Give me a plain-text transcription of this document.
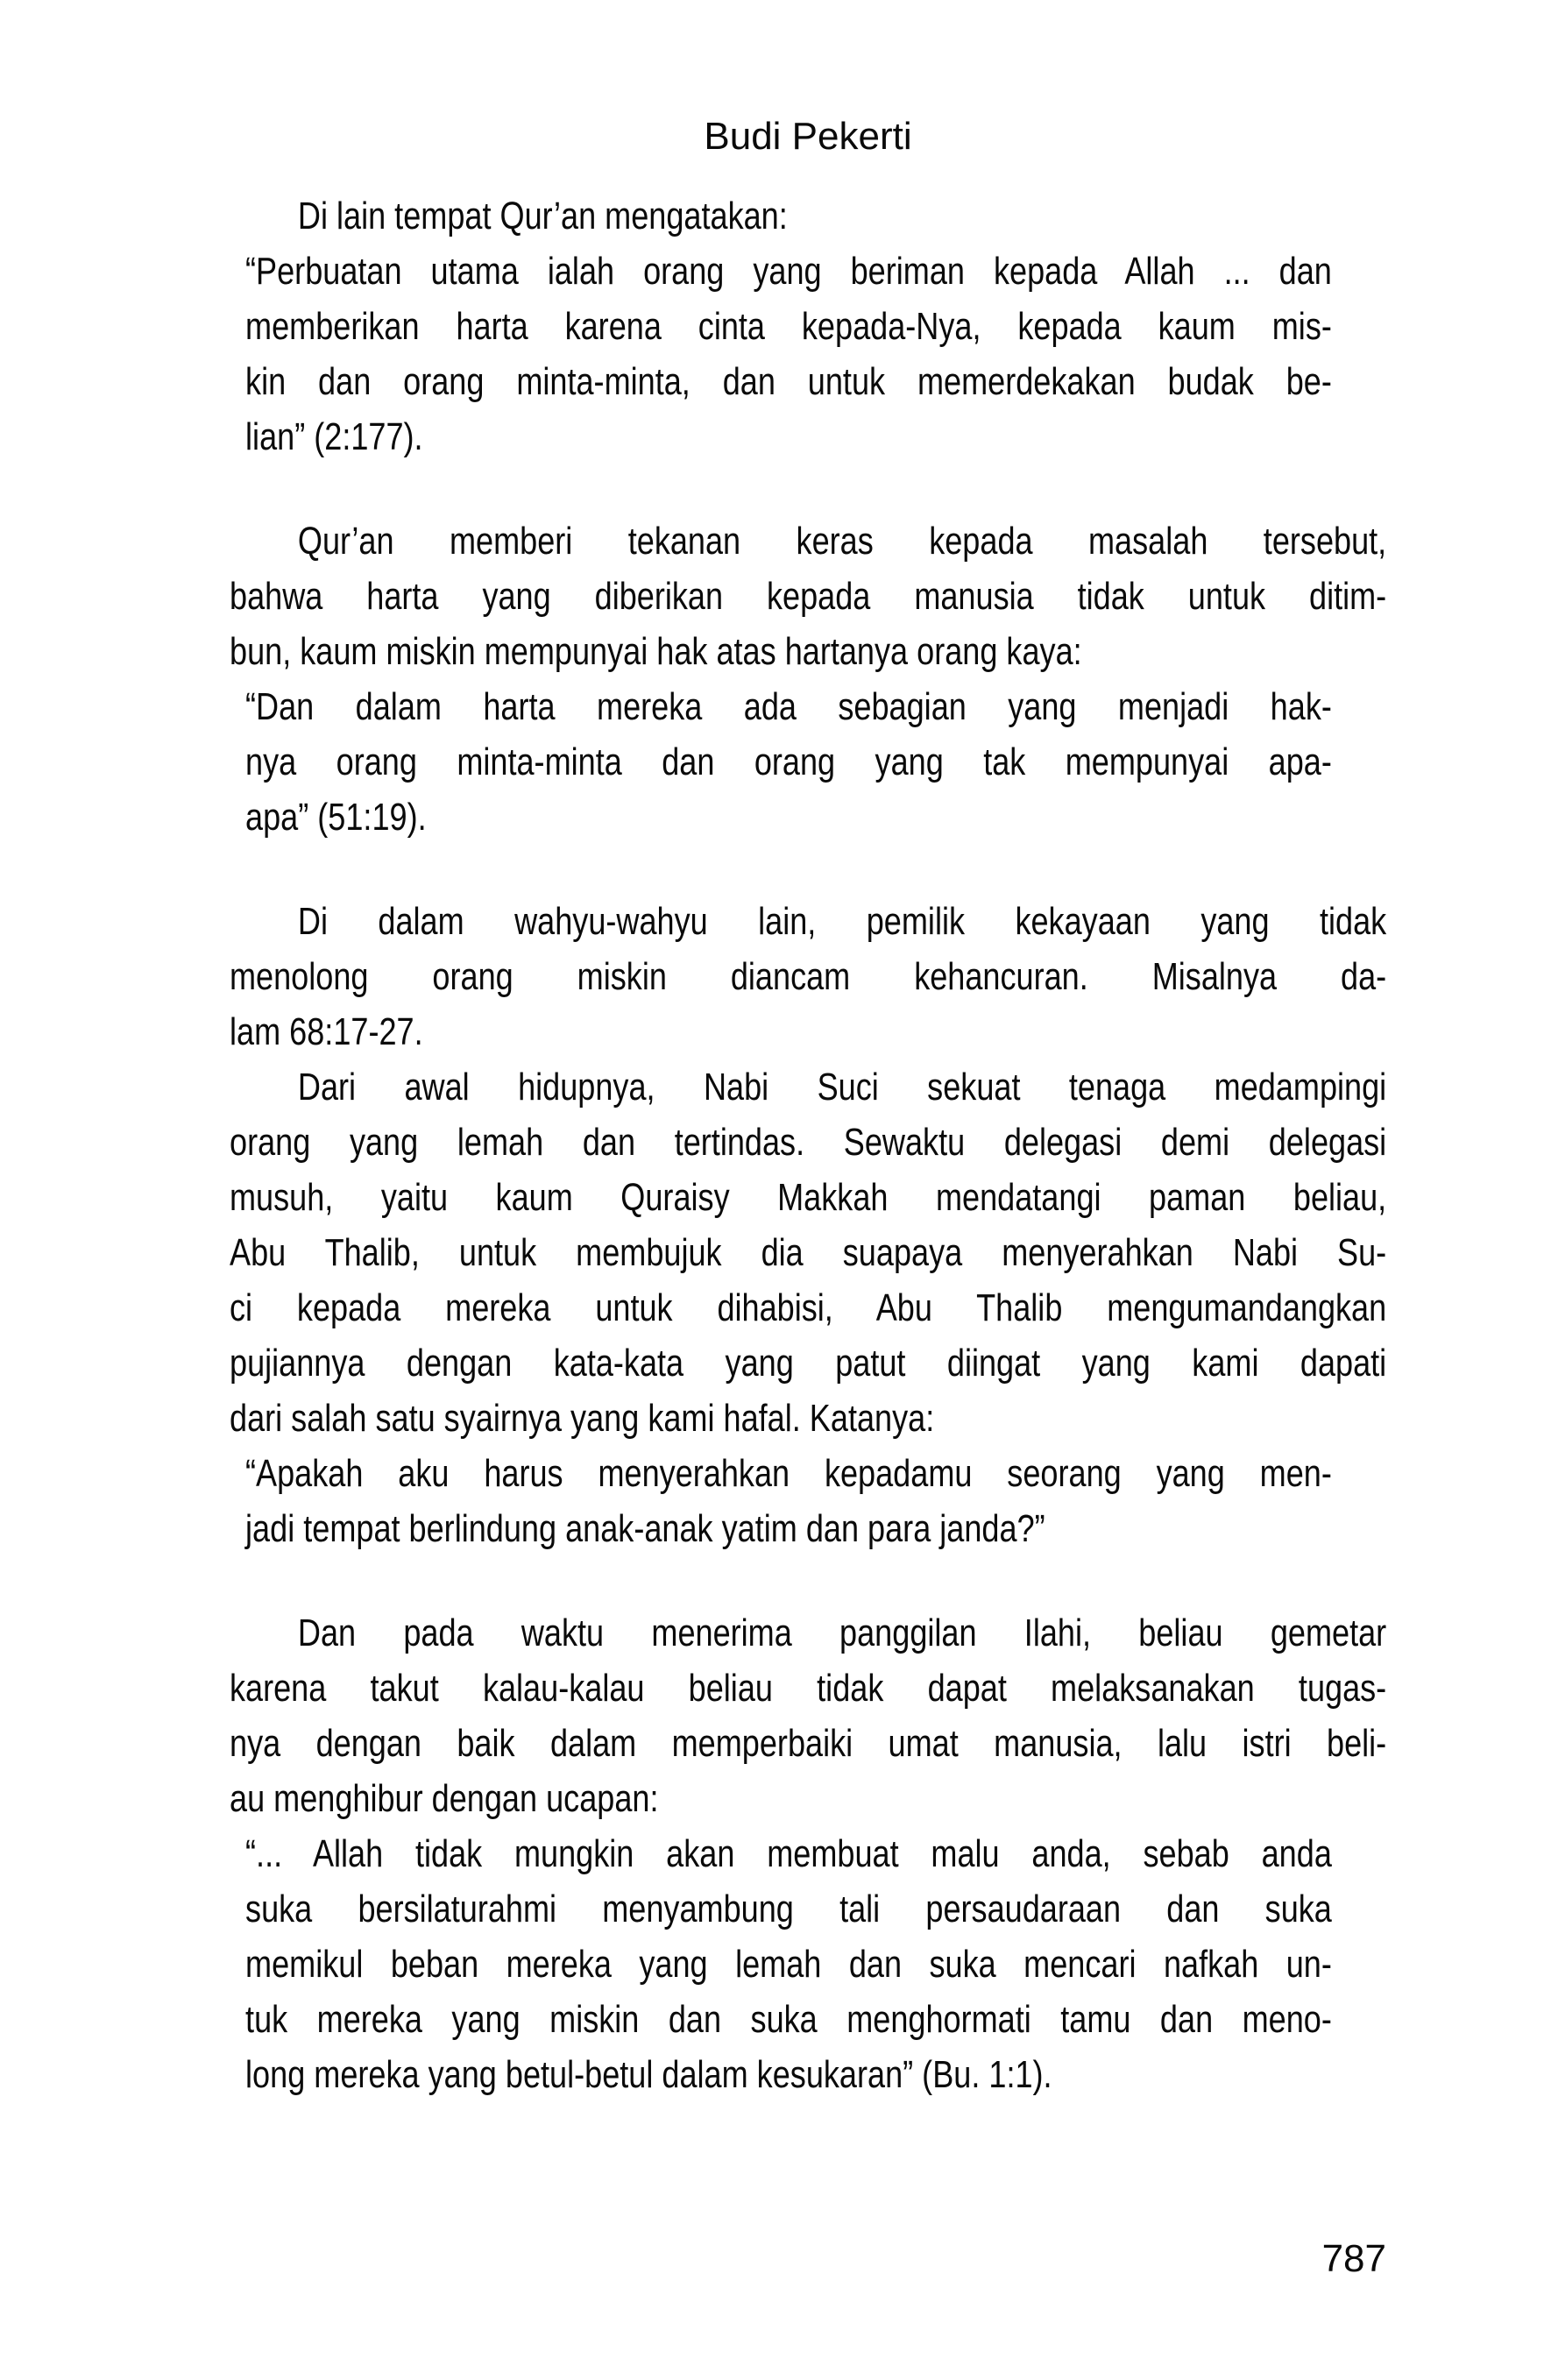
Budi Pekerti
Di lain tempat Qur’an mengatakan:
“Perbuatan utama ialah orang yang beriman kepada Allah ... dan
memberikan harta karena cinta kepada-Nya, kepada kaum mis-
kin dan orang minta-minta, dan untuk memerdekakan budak be-
lian” (2:177).
Qur’an memberi tekanan keras kepada masalah tersebut,
bahwa harta yang diberikan kepada manusia tidak untuk ditim-
bun, kaum miskin mempunyai hak atas hartanya orang kaya:
“Dan dalam harta mereka ada sebagian yang menjadi hak-
nya orang minta-minta dan orang yang tak mempunyai apa-
apa” (51:19).
Di dalam wahyu-wahyu lain, pemilik kekayaan yang tidak
menolong orang miskin diancam kehancuran. Misalnya da-
lam 68:17-27.
Dari awal hidupnya, Nabi Suci sekuat tenaga medampingi
orang yang lemah dan tertindas. Sewaktu delegasi demi delegasi
musuh, yaitu kaum Quraisy Makkah mendatangi paman beliau,
Abu Thalib, untuk membujuk dia suapaya menyerahkan Nabi Su-
ci kepada mereka untuk dihabisi, Abu Thalib mengumandangkan
pujiannya dengan kata-kata yang patut diingat yang kami dapati
dari salah satu syairnya yang kami hafal. Katanya:
“Apakah aku harus menyerahkan kepadamu seorang yang men-
jadi tempat berlindung anak-anak yatim dan para janda?”
Dan pada waktu menerima panggilan Ilahi, beliau gemetar
karena takut kalau-kalau beliau tidak dapat melaksanakan tugas-
nya dengan baik dalam memperbaiki umat manusia, lalu istri beli-
au menghibur dengan ucapan:
“... Allah tidak mungkin akan membuat malu anda, sebab anda
suka bersilaturahmi menyambung tali persaudaraan dan suka
memikul beban mereka yang lemah dan suka mencari nafkah un-
tuk mereka yang miskin dan suka menghormati tamu dan meno-
long mereka yang betul-betul dalam kesukaran” (Bu. 1:1).
787
